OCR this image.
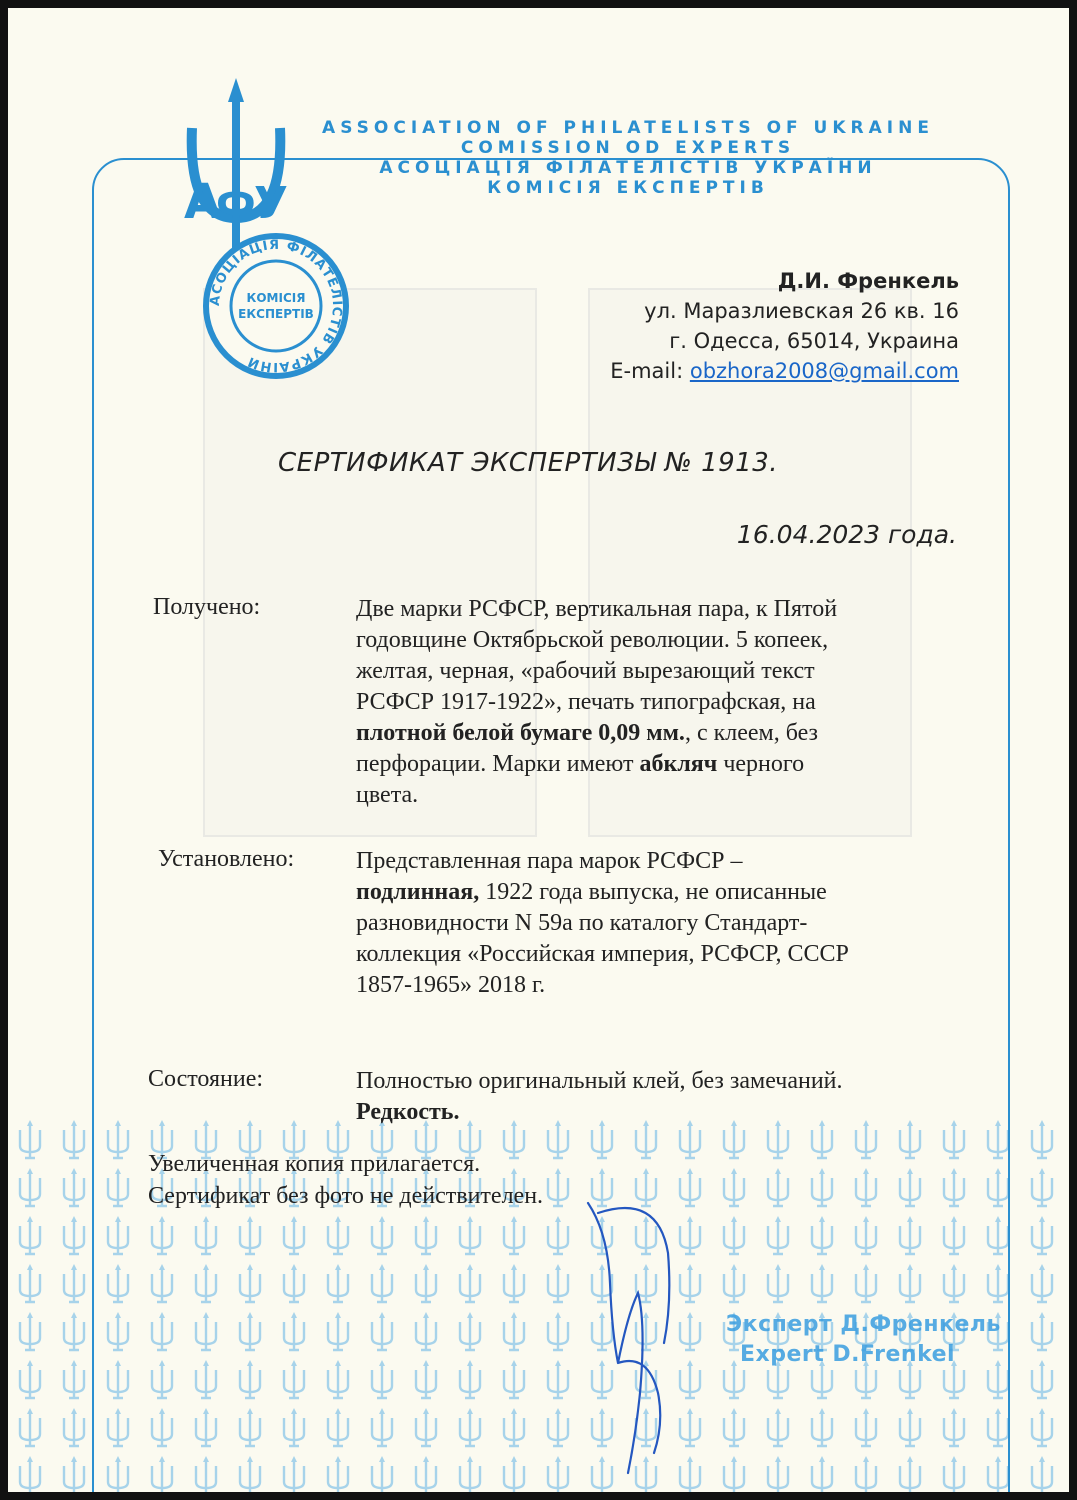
А
Ф
У
АСОЦІАЦІЯ ФІЛАТЕЛІСТІВ УКРАЇНИ
КОМІСІЯ
ЕКСПЕРТІВ
ASSOCIATION OF PHILATELISTS OF UKRAINE
COMISSION OD EXPERTS
АСОЦІАЦІЯ ФІЛАТЕЛІСТІВ УКРАЇНИ
КОМІСІЯ ЕКСПЕРТІВ
Д.И. Френкель
ул. Маразлиевская 26 кв. 16
г. Одесса, 65014, Украина
E-mail: obzhora2008@gmail.com
СЕРТИФИКАТ ЭКСПЕРТИЗЫ № 1913.
16.04.2023 года.
Получено:	Две марки РСФСР, вертикальная пара, к Пятой
годовщине Октябрьской революции. 5 копеек,
желтая, черная, «рабочий вырезающий текст
РСФСР 1917-1922», печать типографская, на
плотной белой бумаге 0,09 мм., с клеем, без
перфорации. Марки имеют абкляч черного
цвета.
Установлено:	Представленная пара марок РСФСР –
подлинная, 1922 года выпуска, не описанные
разновидности N 59а по каталогу Стандарт-
коллекция «Российская империя, РСФСР, СССР
1857-1965» 2018 г.
Состояние:	Полностью оригинальный клей, без замечаний.
Редкость.
Увеличенная копия прилагается.
Сертификат без фото не действителен.
Эксперт Д.Френкель
Expert D.Frenkel
